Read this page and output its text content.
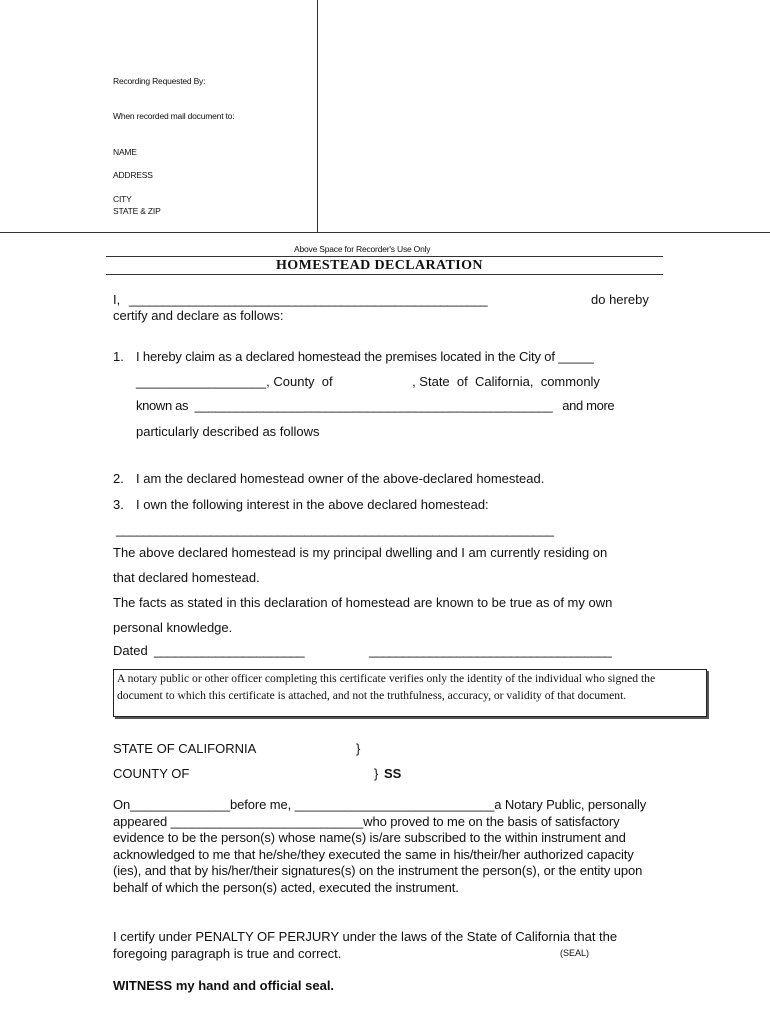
Recording Requested By:
When recorded mail document to:
NAME
ADDRESS
CITY
STATE & ZIP
Above Space for Recorder's Use Only
HOMESTEAD DECLARATION
I, ______________________________________________________	do hereby
certify and declare as follows:
1. I hereby claim as a declared homestead the premises located in the City of _____
__________________, County  of                      , State  of  California,  commonly
known as  ____________________________________________________   and more
particularly described as follows
2. I am the declared homestead owner of the above-declared homestead.
3. I own the following interest in the above declared homestead:
_________________________________________________________________
The above declared homestead is my principal dwelling and I am currently residing on
that declared homestead.
The facts as stated in this declaration of homestead are known to be true as of my own
personal knowledge.
Dated ______________________	____________________________________
A notary public or other officer completing this certificate verifies only the identity of the individual who signed the document to which this certificate is attached, and not the truthfulness, accuracy, or validity of that document.
STATE OF CALIFORNIA	}
COUNTY OF	} SS
On______________before me, ____________________________a Notary Public, personally appeared ___________________________who proved to me on the basis of satisfactory evidence to be the person(s) whose name(s) is/are subscribed to the within instrument and acknowledged to me that he/she/they executed the same in his/their/her authorized capacity (ies), and that by his/her/their signatures(s) on the instrument the person(s), or the entity upon behalf of which the person(s) acted, executed the instrument.
I certify under PENALTY OF PERJURY under the laws of the State of California that the
foregoing paragraph is true and correct.	(SEAL)
WITNESS my hand and official seal.
